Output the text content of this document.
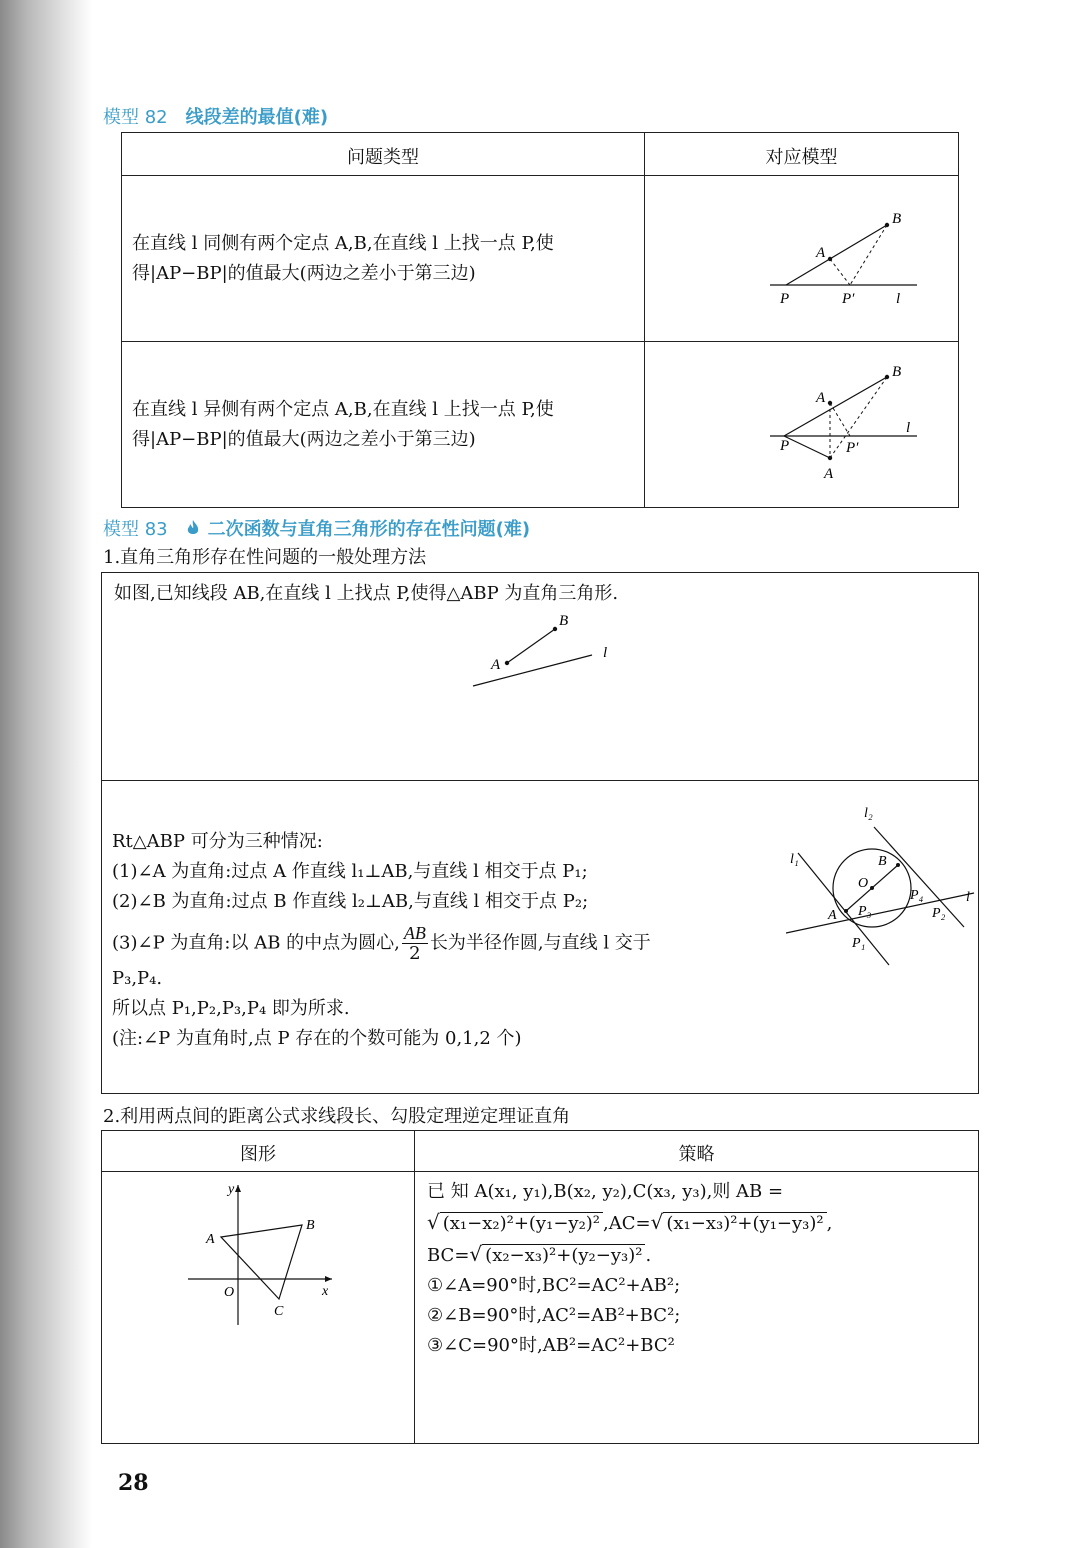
模型 82 线段差的最值(难)
问题类型	对应模型
在直线 l 同侧有两个定点 A,B,在直线 l 上找一点 P,使
得|AP−BP|的值最大(两边之差小于第三边)
在直线 l 异侧有两个定点 A,B,在直线 l 上找一点 P,使
得|AP−BP|的值最大(两边之差小于第三边)
A
B
P	P′	l
A
B
P	P′
l
A
模型 83 二次函数与直角三角形的存在性问题(难)
1.直角三角形存在性问题的一般处理方法
如图,已知线段 AB,在直线 l 上找点 P,使得△ABP 为直角三角形.
A
B
l
Rt△ABP 可分为三种情况:
(1)∠A 为直角:过点 A 作直线 l₁⊥AB,与直线 l 相交于点 P₁;
(2)∠B 为直角:过点 B 作直线 l₂⊥AB,与直线 l 相交于点 P₂;
(3)∠P 为直角:以 AB 的中点为圆心, $\frac{AB}{2}$ 长为半径作圆,与直线 l 交于
P₃,P₄.
所以点 P₁,P₂,P₃,P₄ 即为所求.
(注:∠P 为直角时,点 P 存在的个数可能为 0,1,2 个)
l₂
l₁	B
O
A P₃
P₄
P₂
P₁
l
2.利用两点间的距离公式求线段长、勾股定理逆定理证直角
图形	策略
y
x
O
A
B
C
已 知 A(x₁, y₁),B(x₂, y₂),C(x₃, y₃),则 AB =
√ (x₁−x₂)²+(y₁−y₂)² ,AC=√ (x₁−x₃)²+(y₁−y₃)² ,
BC=√ (x₂−x₃)²+(y₂−y₃)² .
①∠A=90°时,BC²=AC²+AB²;
②∠B=90°时,AC²=AB²+BC²;
③∠C=90°时,AB²=AC²+BC²
28
